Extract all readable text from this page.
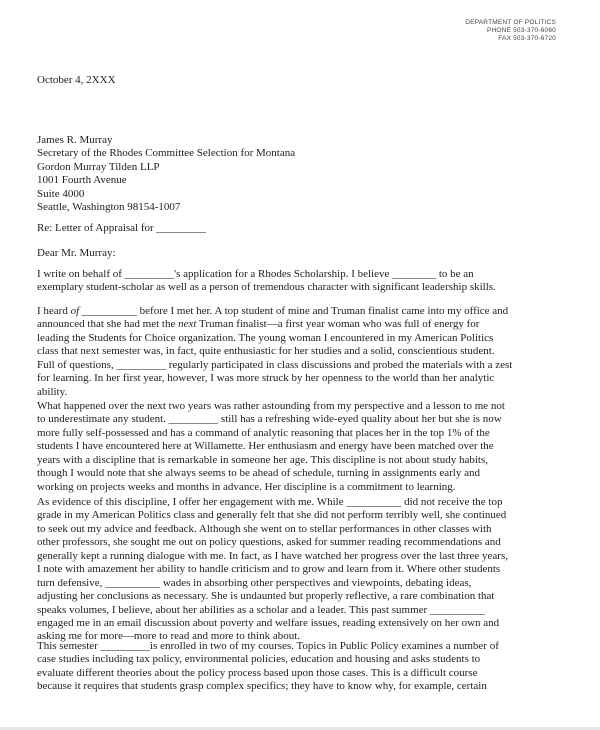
DEPARTMENT OF POLITICS
PHONE 503-370-6060
FAX 503-370-6720
October 4, 2XXX
James R. Murray
Secretary of the Rhodes Committee Selection for Montana
Gordon Murray Tilden LLP
1001 Fourth Avenue
Suite 4000
Seattle, Washington 98154-1007
Re: Letter of Appraisal for _________
Dear Mr. Murray:
I write on behalf of _________'s application for a Rhodes Scholarship. I believe ________ to be an
exemplary student-scholar as well as a person of tremendous character with significant leadership skills.
I heard of __________ before I met her. A top student of mine and Truman finalist came into my office and
announced that she had met the next Truman finalist—a first year woman who was full of energy for
leading the Students for Choice organization. The young woman I encountered in my American Politics
class that next semester was, in fact, quite enthusiastic for her studies and a solid, conscientious student.
Full of questions, _________ regularly participated in class discussions and probed the materials with a zest
for learning. In her first year, however, I was more struck by her openness to the world than her analytic
ability.
What happened over the next two years was rather astounding from my perspective and a lesson to me not
to underestimate any student. _________ still has a refreshing wide-eyed quality about her but she is now
more fully self-possessed and has a command of analytic reasoning that places her in the top 1% of the
students I have encountered here at Willamette. Her enthusiasm and energy have been matched over the
years with a discipline that is remarkable in someone her age. This discipline is not about study habits,
though I would note that she always seems to be ahead of schedule, turning in assignments early and
working on projects weeks and months in advance. Her discipline is a commitment to learning.
As evidence of this discipline, I offer her engagement with me. While __________ did not receive the top
grade in my American Politics class and generally felt that she did not perform terribly well, she continued
to seek out my advice and feedback. Although she went on to stellar performances in other classes with
other professors, she sought me out on policy questions, asked for summer reading recommendations and
generally kept a running dialogue with me. In fact, as I have watched her progress over the last three years,
I note with amazement her ability to handle criticism and to grow and learn from it. Where other students
turn defensive, __________ wades in absorbing other perspectives and viewpoints, debating ideas,
adjusting her conclusions as necessary. She is undaunted but properly reflective, a rare combination that
speaks volumes, I believe, about her abilities as a scholar and a leader. This past summer __________
engaged me in an email discussion about poverty and welfare issues, reading extensively on her own and
asking me for more—more to read and more to think about.
This semester _________is enrolled in two of my courses. Topics in Public Policy examines a number of
case studies including tax policy, environmental policies, education and housing and asks students to
evaluate different theories about the policy process based upon those cases. This is a difficult course
because it requires that students grasp complex specifics; they have to know why, for example, certain
